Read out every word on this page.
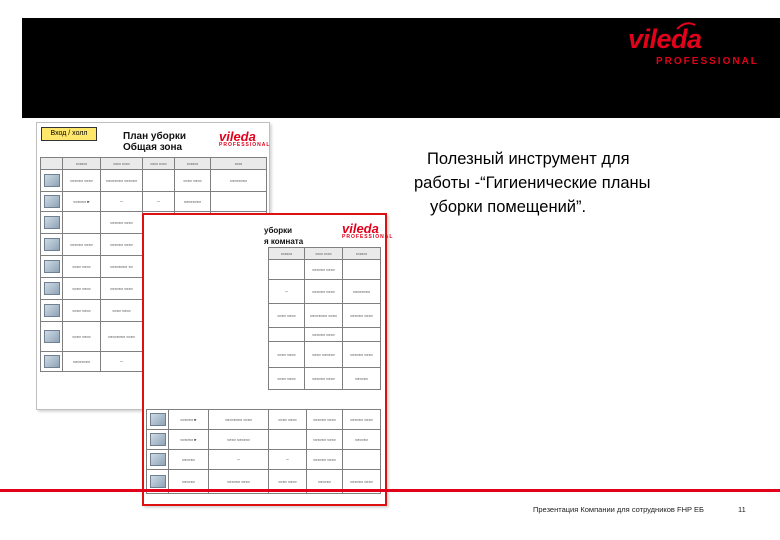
vileda
PROFESSIONAL
Вход / холл	План уборки
Общая зона
vileda
PROFESSIONAL
	▭▭▭	▭▭ ▭▭	▭▭ ▭▭	▭▭▭	▭▭
	▭▭▭ ▭▭	▭▭▭▭ ▭▭▭		▭▭ ▭▭	▭▭▭▭
	▭▭▭ ▸	–	–	▭▭▭▭	
		▭▭▭ ▭▭			
	▭▭▭ ▭▭	▭▭▭ ▭▭			
	▭▭ ▭▭	▭▭▭▭ ▭			
	▭▭ ▭▭	▭▭▭ ▭▭			
	▭▭ ▭▭	▭▭ ▭▭			
	▭▭ ▭▭	▭▭▭▭ ▭▭			
	▭▭▭▭	–			
уборки
я комната
vileda
PROFESSIONAL
▭▭▭	▭▭ ▭▭	▭▭▭
	▭▭▭ ▭▭	
–	▭▭▭ ▭▭	▭▭▭▭
▭▭ ▭▭	▭▭▭▭ ▭▭	▭▭▭ ▭▭
	▭▭▭ ▭▭	
▭▭ ▭▭	▭▭ ▭▭▭	▭▭▭ ▭▭
▭▭ ▭▭	▭▭▭ ▭▭	▭▭▭
	▭▭▭ ▸	▭▭▭▭ ▭▭	▭▭ ▭▭	▭▭▭ ▭▭	▭▭▭ ▭▭
	▭▭▭ ▸	▭▭ ▭▭▭		▭▭▭ ▭▭	▭▭▭
	▭▭▭	–	–	▭▭▭ ▭▭	
	▭▭▭	▭▭▭ ▭▭	▭▭ ▭▭	▭▭▭	▭▭▭ ▭▭
Полезный инструмент для
работы -“Гигиенические планы
уборки помещений”.
Презентация Компании для сотрудников FHP ЕБ	11
